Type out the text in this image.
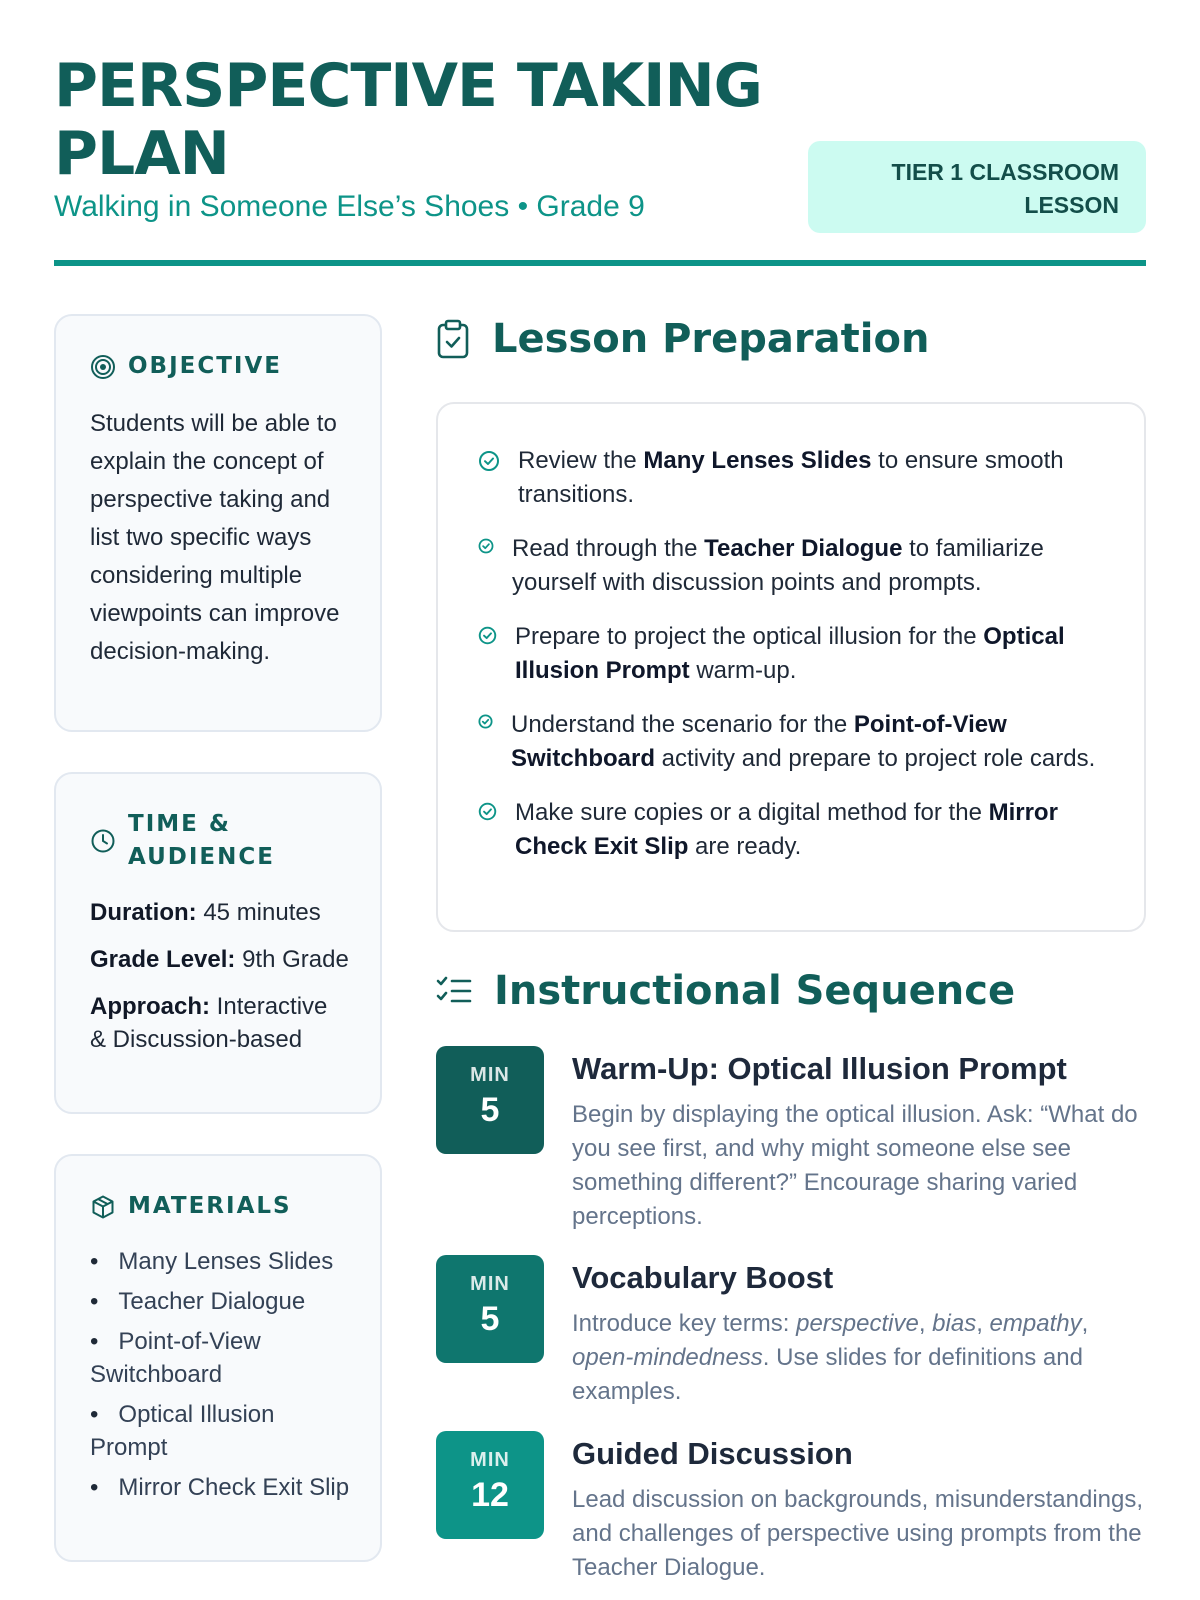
PERSPECTIVE TAKING PLAN
Walking in Someone Else’s Shoes • Grade 9
TIER 1 CLASSROOM LESSON
OBJECTIVE

Students will be able to explain the concept of perspective taking and list two specific ways considering multiple viewpoints can improve decision-making.

TIME & AUDIENCE

Duration: 45 minutes

Grade Level: 9th Grade

Approach: Interactive & Discussion-based

MATERIALS
• Many Lenses Slides
• Teacher Dialogue
• Point-of-View Switchboard
• Optical Illusion Prompt
• Mirror Check Exit Slip
Lesson Preparation
Review the Many Lenses Slides to ensure smooth transitions.
Read through the Teacher Dialogue to familiarize yourself with discussion points and prompts.
Prepare to project the optical illusion for the Optical Illusion Prompt warm-up.
Understand the scenario for the Point-of-View Switchboard activity and prepare to project role cards.
Make sure copies or a digital method for the Mirror Check Exit Slip are ready.
Instructional Sequence
MIN
5
Warm-Up: Optical Illusion Prompt

Begin by displaying the optical illusion. Ask: “What do you see first, and why might someone else see something different?” Encourage sharing varied perceptions.

MIN
5
Vocabulary Boost

Introduce key terms: perspective, bias, empathy, open-mindedness. Use slides for definitions and examples.

MIN
12
Guided Discussion

Lead discussion on backgrounds, misunderstandings, and challenges of perspective using prompts from the Teacher Dialogue.
